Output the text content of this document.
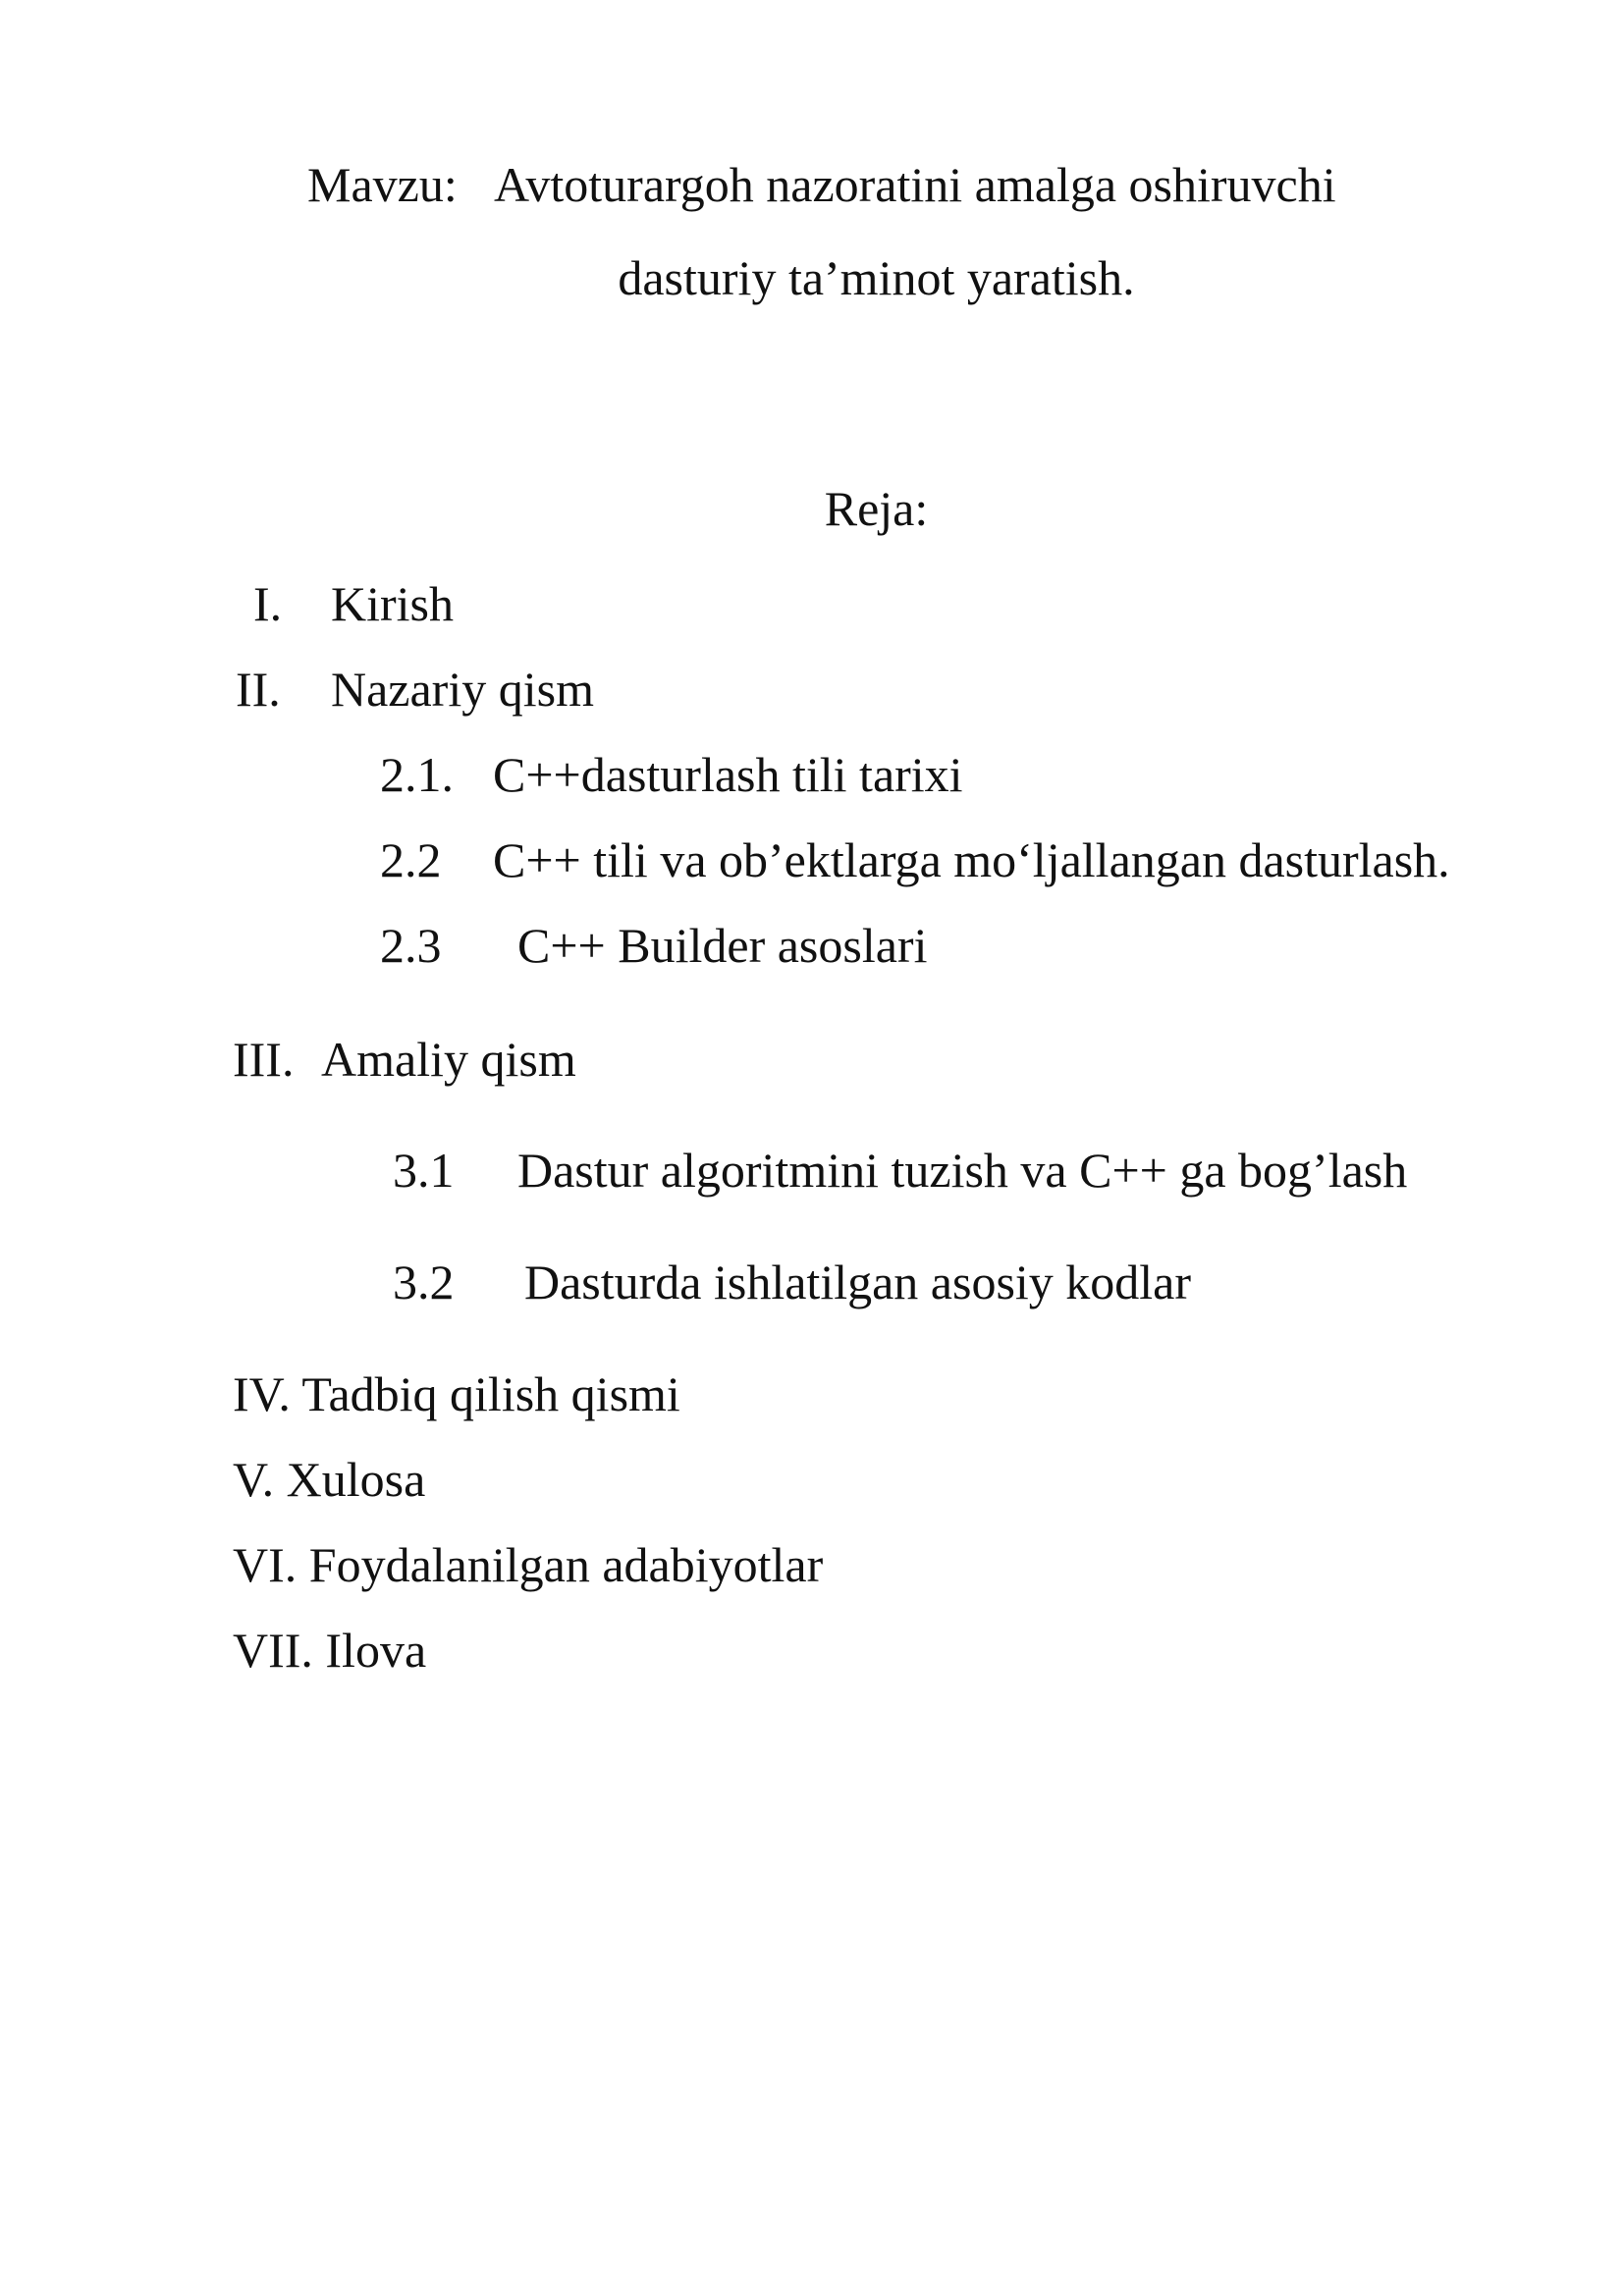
Mavzu: Avtoturargoh nazoratini amalga oshiruvchi
dasturiy ta’minot yaratish.
Reja:
I. Kirish
II. Nazariy qism
2.1. C++dasturlash tili tarixi
2.2 C++ tili va ob’ektlarga mo‘ljallangan dasturlash.
2.3 C++ Builder asoslari
III. Amaliy qism
3.1 Dastur algoritmini tuzish va C++ ga bog’lash
3.2 Dasturda ishlatilgan asosiy kodlar
IV. Tadbiq qilish qismi
V. Xulosa
VI. Foydalanilgan adabiyotlar
VII. Ilova
